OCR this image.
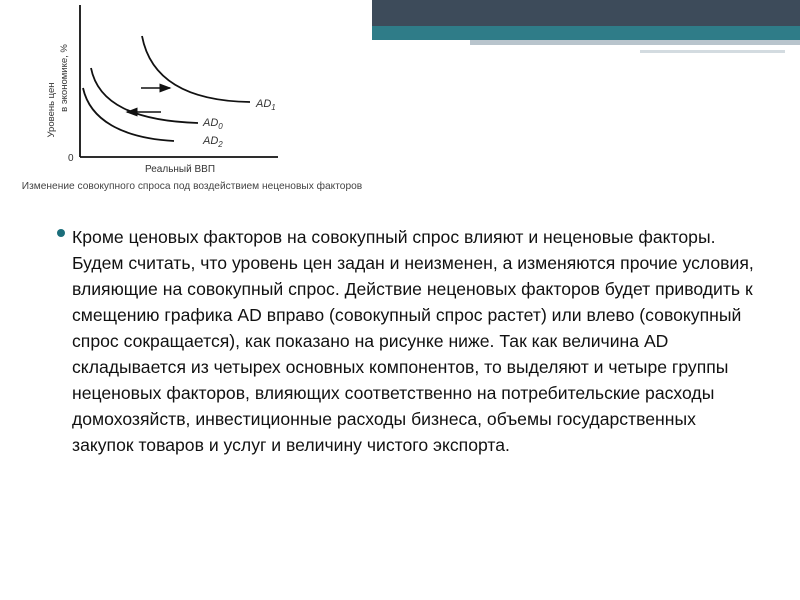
$AD_1$
$AD_0$
$AD_2$
0
Реальный ВВП
Уровень цен в экономике, %
Изменение совокупного спроса под воздействием неценовых факторов

Кроме ценовых факторов на совокупный спрос влияют и неценовые факторы. Будем считать, что уровень цен задан и неизменен, а изменяются прочие условия, влияющие на совокупный спрос. Действие неценовых факторов будет приводить к смещению графика AD вправо (совокупный спрос растет) или влево (совокупный спрос сокращается), как показано на рисунке ниже. Так как величина AD складывается из четырех основных компонентов, то выделяют и четыре группы неценовых факторов, влияющих соответственно на потребительские расходы домохозяйств, инвестиционные расходы бизнеса, объемы государственных закупок товаров и услуг и величину чистого экспорта.
